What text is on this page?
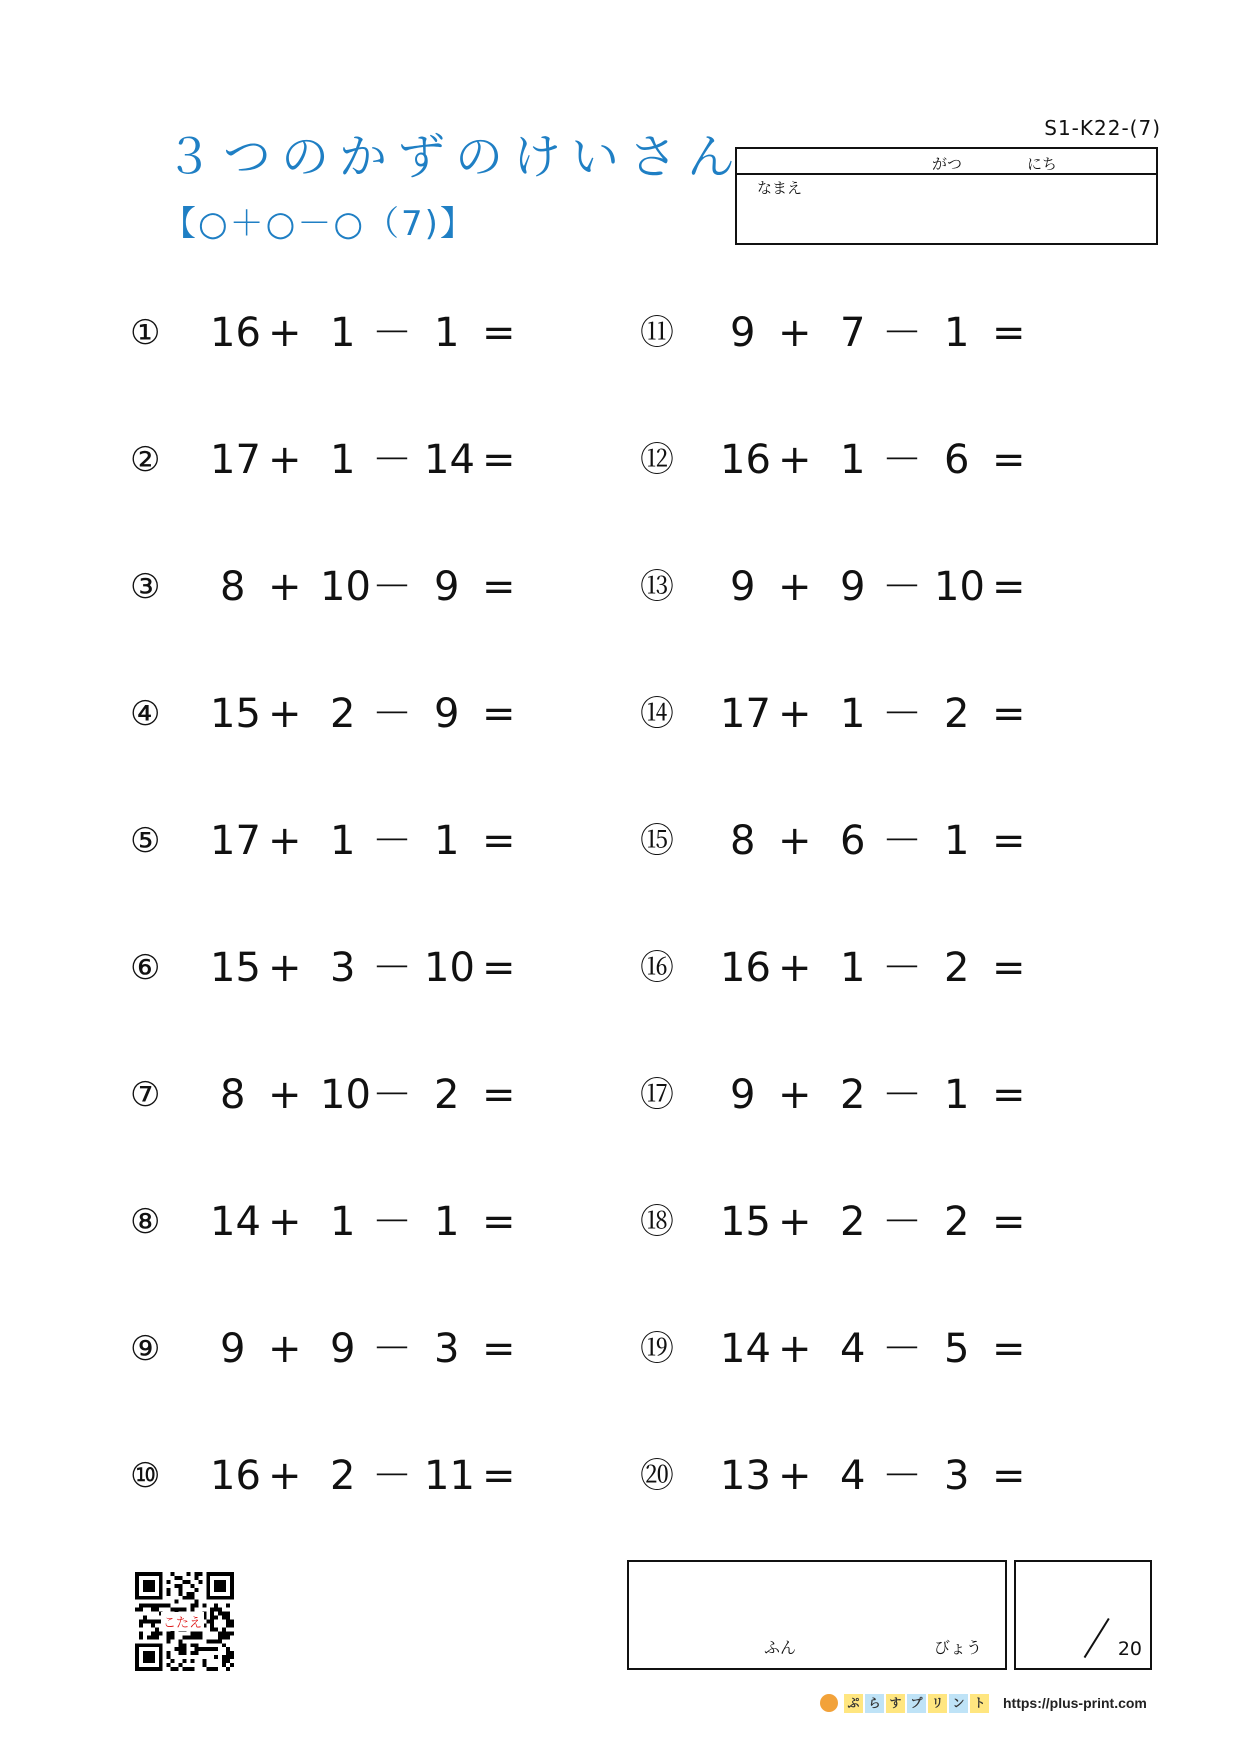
３つのかずのけいさん
【○＋○－○（7)】
S1-K22-(7)
がつ	にち
なまえ
① 16 + 1 － 1 =
② 17 + 1 － 14 =
③ 8 + 10 － 9 =
④ 15 + 2 － 9 =
⑤ 17 + 1 － 1 =
⑥ 15 + 3 － 10 =
⑦ 8 + 10 － 2 =
⑧ 14 + 1 － 1 =
⑨ 9 + 9 － 3 =
⑩ 16 + 2 － 11 =
⑪ 9 + 7 － 1 =
⑫ 16 + 1 － 6 =
⑬ 9 + 9 － 10 =
⑭ 17 + 1 － 2 =
⑮ 8 + 6 － 1 =
⑯ 16 + 1 － 2 =
⑰ 9 + 2 － 1 =
⑱ 15 + 2 － 2 =
⑲ 14 + 4 － 5 =
⑳ 13 + 4 － 3 =
こたえ
ふん	びょう	20
ぷ ら す プ リ ン ト https://plus-print.com
